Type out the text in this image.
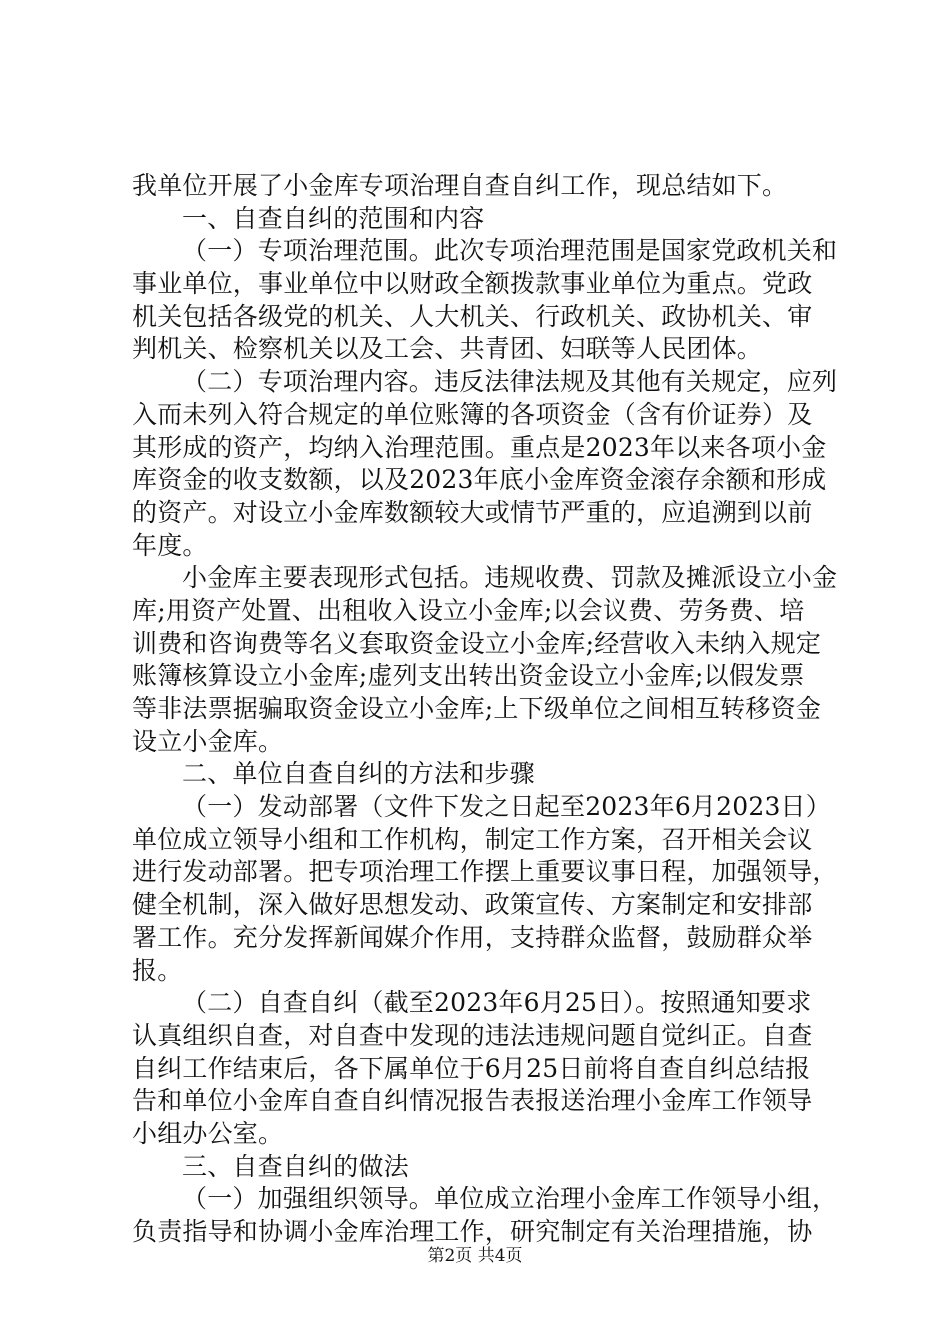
我单位开展了小金库专项治理自查自纠工作，现总结如下。
一、自查自纠的范围和内容
（一）专项治理范围。此次专项治理范围是国家党政机关和
事业单位，事业单位中以财政全额拨款事业单位为重点。党政
机关包括各级党的机关、人大机关、行政机关、政协机关、审
判机关、检察机关以及工会、共青团、妇联等人民团体。
（二）专项治理内容。违反法律法规及其他有关规定，应列
入而未列入符合规定的单位账簿的各项资金（含有价证券）及
其形成的资产，均纳入治理范围。重点是2023年以来各项小金
库资金的收支数额，以及2023年底小金库资金滚存余额和形成
的资产。对设立小金库数额较大或情节严重的，应追溯到以前
年度。
小金库主要表现形式包括。违规收费、罚款及摊派设立小金
库;用资产处置、出租收入设立小金库;以会议费、劳务费、培
训费和咨询费等名义套取资金设立小金库;经营收入未纳入规定
账簿核算设立小金库;虚列支出转出资金设立小金库;以假发票
等非法票据骗取资金设立小金库;上下级单位之间相互转移资金
设立小金库。
二、单位自查自纠的方法和步骤
（一）发动部署（文件下发之日起至2023年6月2023日）
单位成立领导小组和工作机构，制定工作方案，召开相关会议
进行发动部署。把专项治理工作摆上重要议事日程，加强领导，
健全机制，深入做好思想发动、政策宣传、方案制定和安排部
署工作。充分发挥新闻媒介作用，支持群众监督，鼓励群众举
报。
（二）自查自纠（截至2023年6月25日）。按照通知要求
认真组织自查，对自查中发现的违法违规问题自觉纠正。自查
自纠工作结束后，各下属单位于6月25日前将自查自纠总结报
告和单位小金库自查自纠情况报告表报送治理小金库工作领导
小组办公室。
三、自查自纠的做法
（一）加强组织领导。单位成立治理小金库工作领导小组，
负责指导和协调小金库治理工作，研究制定有关治理措施，协
第2页 共4页
